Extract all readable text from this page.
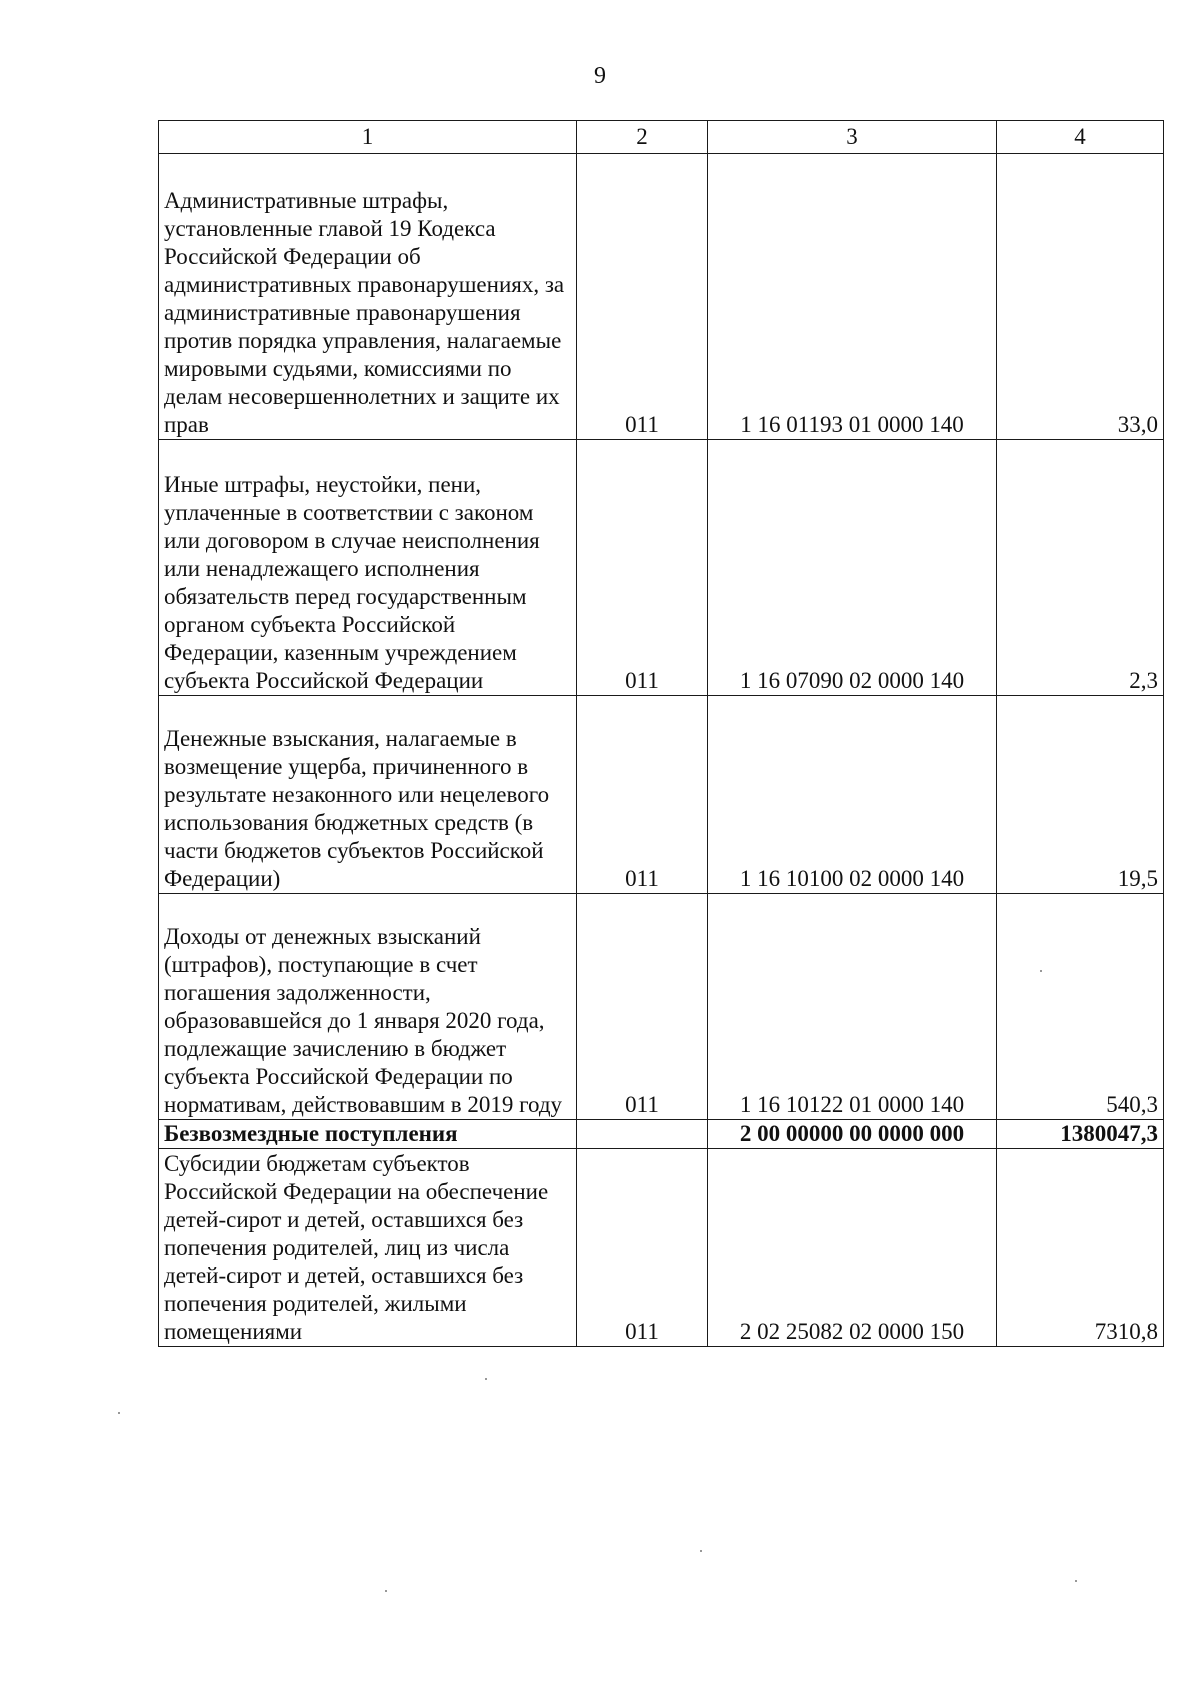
9
1	2	3	4
Административные штрафы, установленные главой 19 Кодекса Российской Федерации об административных правонарушениях, за административные правонарушения против порядка управления, налагаемые мировыми судьями, комиссиями по делам несовершеннолетних и защите их прав	011	1 16 01193 01 0000 140	33,0
Иные штрафы, неустойки, пени, уплаченные в соответствии с законом или договором в случае неисполнения или ненадлежащего исполнения обязательств перед государственным органом субъекта Российской Федерации, казенным учреждением субъекта Российской Федерации	011	1 16 07090 02 0000 140	2,3
Денежные взыскания, налагаемые в возмещение ущерба, причиненного в результате незаконного или нецелевого использования бюджетных средств (в части бюджетов субъектов Российской Федерации)	011	1 16 10100 02 0000 140	19,5
Доходы от денежных взысканий (штрафов), поступающие в счет погашения задолженности, образовавшейся до 1 января 2020 года, подлежащие зачислению в бюджет субъекта Российской Федерации по нормативам, действовавшим в 2019 году	011	1 16 10122 01 0000 140	540,3
Безвозмездные поступления		2 00 00000 00 0000 000	1380047,3
Субсидии бюджетам субъектов Российской Федерации на обеспечение детей-сирот и детей, оставшихся без попечения родителей, лиц из числа детей-сирот и детей, оставшихся без попечения родителей, жилыми помещениями	011	2 02 25082 02 0000 150	7310,8
